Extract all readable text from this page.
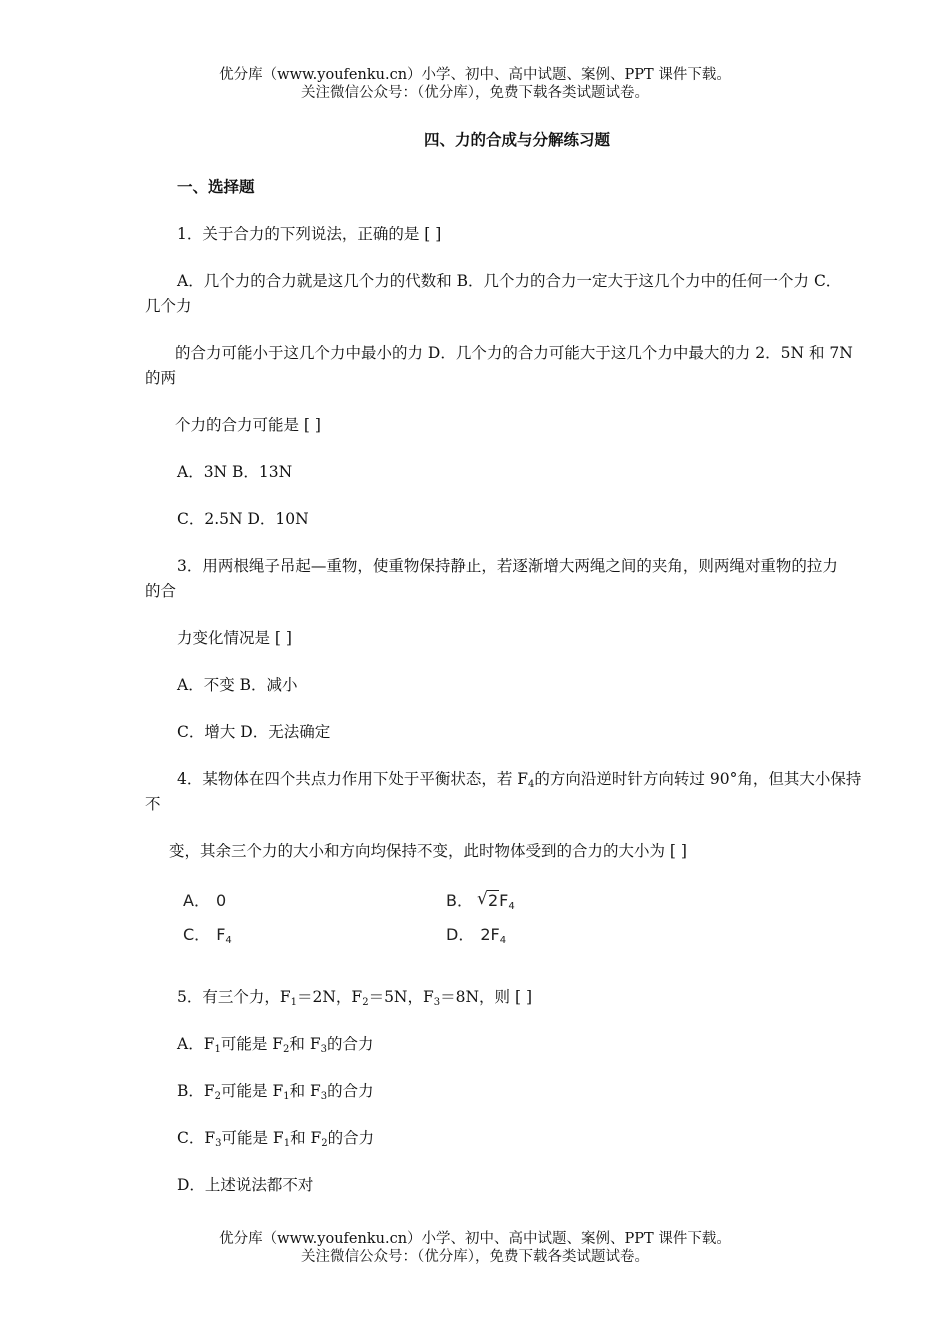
优分库（www.youfenku.cn）小学、初中、高中试题、案例、PPT 课件下载。
关注微信公众号：（优分库），免费下载各类试题试卷。
四、力的合成与分解练习题
一、选择题
1．关于合力的下列说法，正确的是 [ ]
A．几个力的合力就是这几个力的代数和 B．几个力的合力一定大于这几个力中的任何一个力 C．
几个力
的合力可能小于这几个力中最小的力 D．几个力的合力可能大于这几个力中最大的力 2．5N 和 7N
的两
个力的合力可能是 [ ]
A．3N B．13N
C．2.5N D．10N
3．用两根绳子吊起—重物，使重物保持静止，若逐渐增大两绳之间的夹角，则两绳对重物的拉力
的合
力变化情况是 [ ]
A．不变 B．减小
C．增大 D．无法确定
4．某物体在四个共点力作用下处于平衡状态，若 $F_4$的方向沿逆时针方向转过 90°角，但其大小保持
不
变，其余三个力的大小和方向均保持不变，此时物体受到的合力的大小为 [ ]
A． 0	B．√ $2F_4$
C． $F_4$	D． $2F_4$
5．有三个力，$F_1=2N$，$F_2=5N$，$F_3=8N$，则 [ ]
A．$F_1$可能是 $F_2$和 $F_3$的合力
B．$F_2$可能是 $F_1$和 $F_3$的合力
C．$F_3$可能是 $F_1$和 $F_2$的合力
D．上述说法都不对
优分库（www.youfenku.cn）小学、初中、高中试题、案例、PPT 课件下载。
关注微信公众号：（优分库），免费下载各类试题试卷。
